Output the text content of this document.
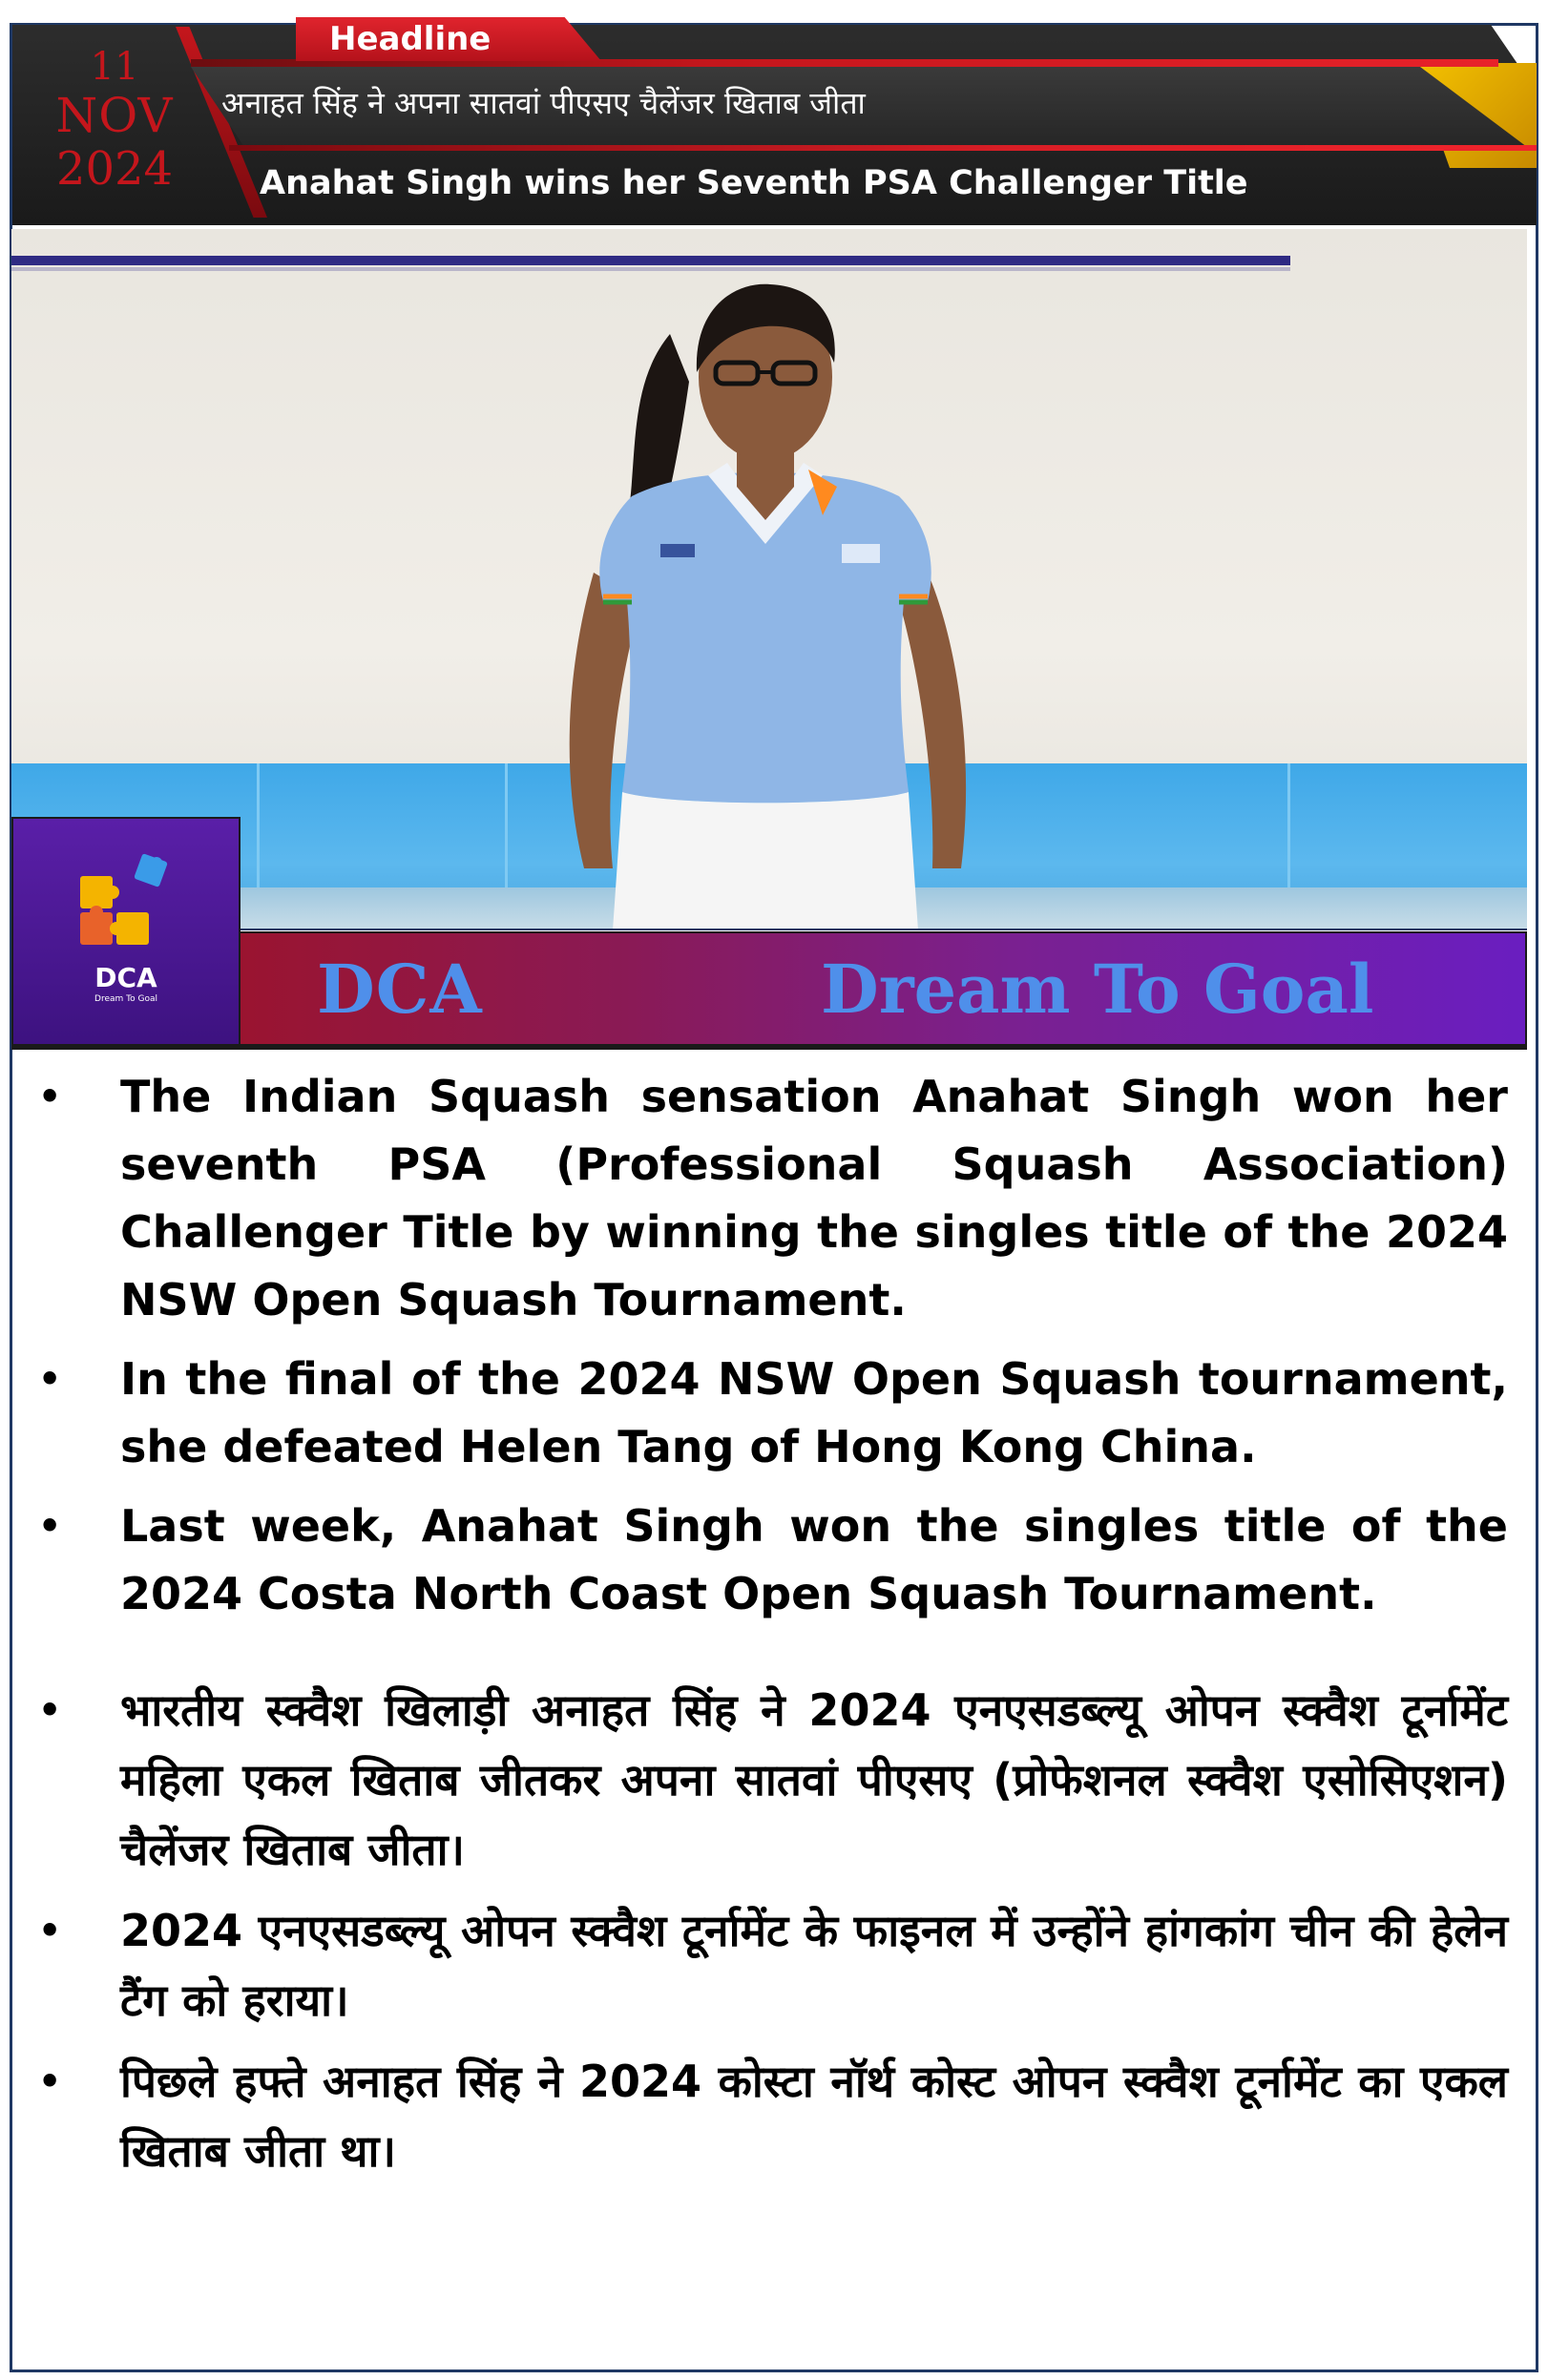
Headline
11
NOV
2024
अनाहत सिंह ने अपना सातवां पीएसए चैलेंजर खिताब जीता
Anahat Singh wins her Seventh PSA Challenger Title
DCA
Dream To Goal	DCA	Dream To Goal
• The Indian Squash sensation Anahat Singh won her seventh PSA (Professional Squash Association) Challenger Title by winning the singles title of the 2024 NSW Open Squash Tournament.
• In the final of the 2024 NSW Open Squash tournament, she defeated Helen Tang of Hong Kong China.
• Last week, Anahat Singh won the singles title of the 2024 Costa North Coast Open Squash Tournament.
• भारतीय स्क्वैश खिलाड़ी अनाहत सिंह ने 2024 एनएसडब्ल्यू ओपन स्क्वैश टूर्नामेंट महिला एकल खिताब जीतकर अपना सातवां पीएसए (प्रोफेशनल स्क्वैश एसोसिएशन) चैलेंजर खिताब जीता।
• 2024 एनएसडब्ल्यू ओपन स्क्वैश टूर्नामेंट के फाइनल में उन्होंने हांगकांग चीन की हेलेन टैंग को हराया।
• पिछले हफ्ते अनाहत सिंह ने 2024 कोस्टा नॉर्थ कोस्ट ओपन स्क्वैश टूर्नामेंट का एकल खिताब जीता था।
